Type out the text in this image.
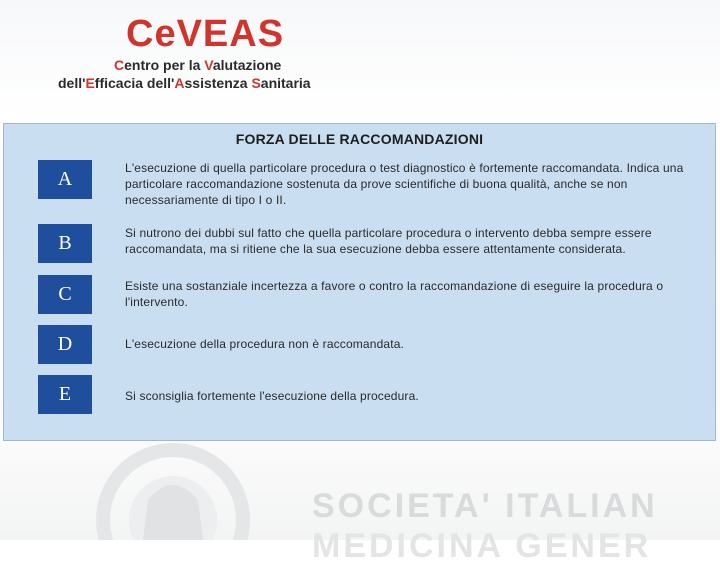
CeVEAS
Centro per la Valutazione
dell'Efficacia dell'Assistenza Sanitaria
FORZA DELLE RACCOMANDAZIONI
A	L'esecuzione di quella particolare procedura o test diagnostico è fortemente raccomandata. Indica una particolare raccomandazione sostenuta da prove scientifiche di buona qualità, anche se non necessariamente di tipo I o II.
B	Si nutrono dei dubbi sul fatto che quella particolare procedura o intervento debba sempre essere raccomandata, ma si ritiene che la sua esecuzione debba essere attentamente considerata.
C	Esiste una sostanziale incertezza a favore o contro la raccomandazione di eseguire la procedura o l'intervento.
D	L'esecuzione della procedura non è raccomandata.
E	Si sconsiglia fortemente l'esecuzione della procedura.
SOCIETA' ITALIAN
MEDICINA GENER
